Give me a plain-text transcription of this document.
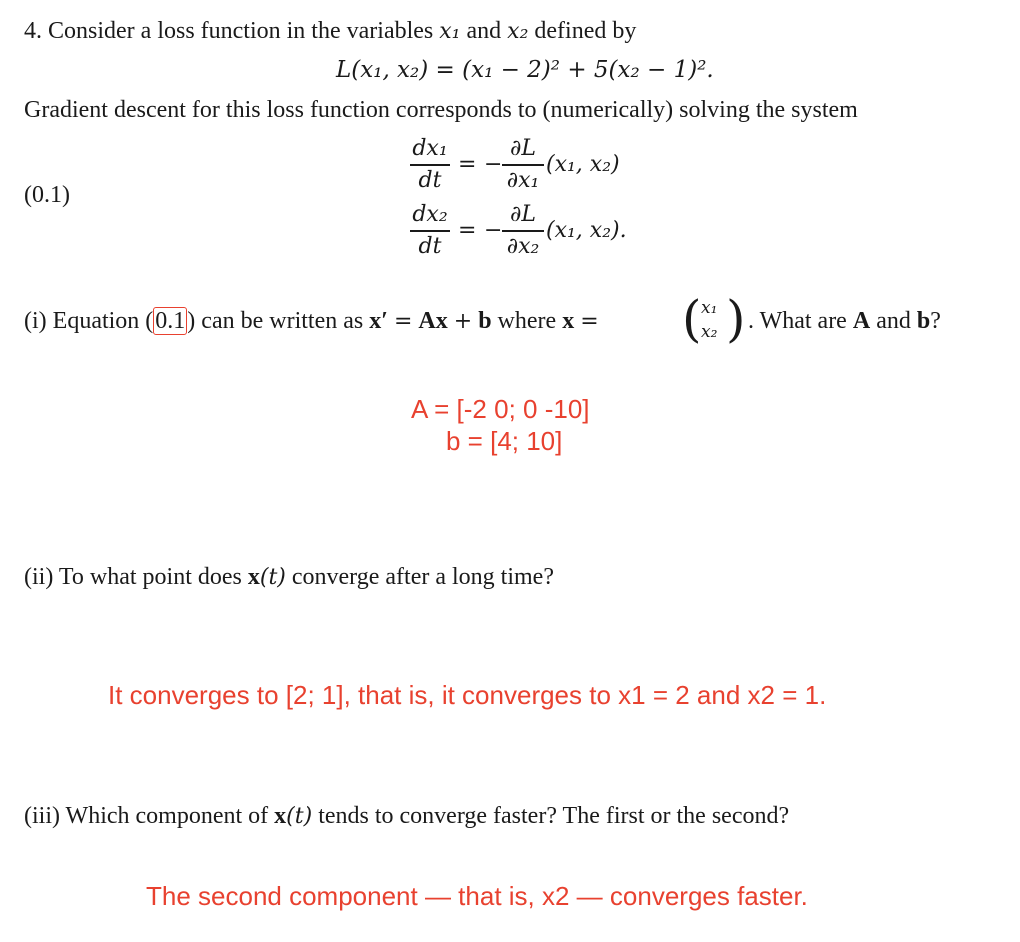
4. Consider a loss function in the variables x₁ and x₂ defined by
L(x₁, x₂) = (x₁ − 2)² + 5(x₂ − 1)².
Gradient descent for this loss function corresponds to (numerically) solving the system
(0.1)
dx₁
dt
= −
∂L
∂x₁
(x₁, x₂)
dx₂
dt
= −
∂L
∂x₂
(x₁, x₂).
(i) Equation (0.1) can be written as x′ = Ax + b where x = ( x₁
x₂ ) . What are A and b?
A = [-2 0; 0 -10]
b = [4; 10]
(ii) To what point does x(t) converge after a long time?
It converges to [2; 1], that is, it converges to x1 = 2 and x2 = 1.
(iii) Which component of x(t) tends to converge faster? The first or the second?
The second component — that is, x2 — converges faster.
